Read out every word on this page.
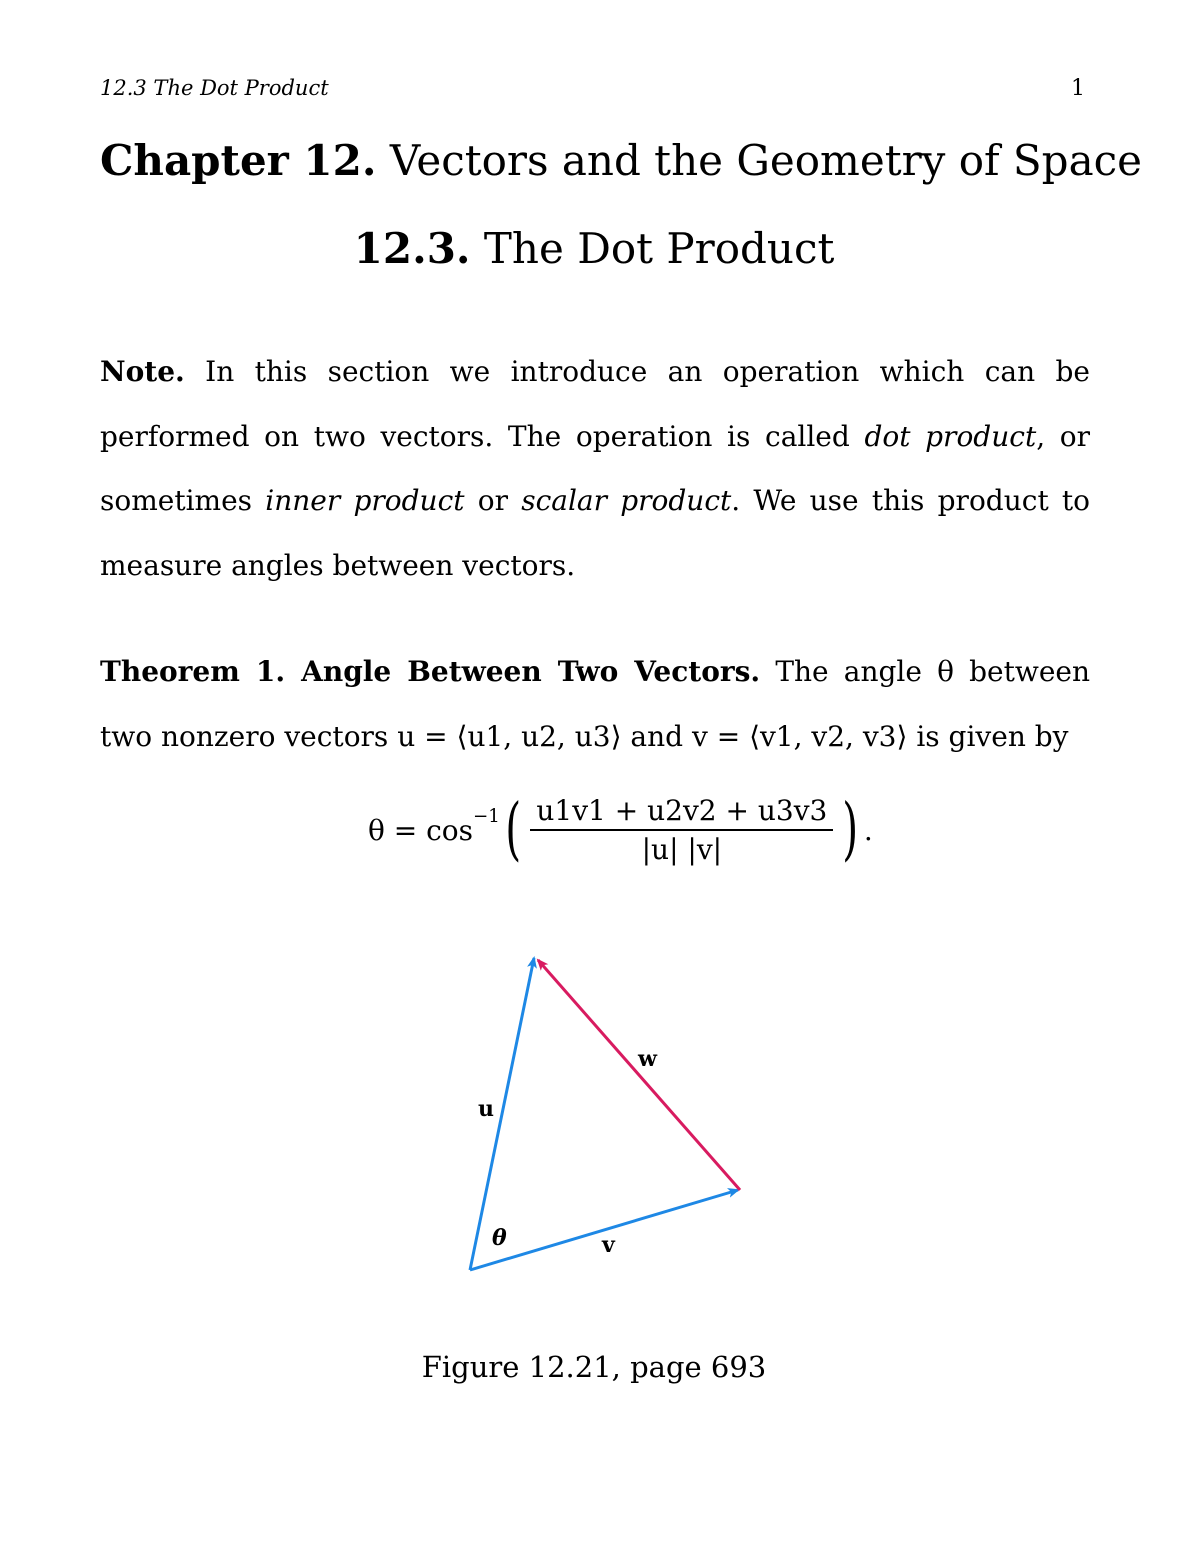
12.3 The Dot Product	1
Chapter 12. Vectors and the Geometry of Space
12.3. The Dot Product
Note. In this section we introduce an operation which can be performed on two vectors. The operation is called dot product, or sometimes inner product or scalar product. We use this product to measure angles between vectors.
Theorem 1. Angle Between Two Vectors. The angle θ between two nonzero vectors u = ⟨u1, u2, u3⟩ and v = ⟨v1, v2, v3⟩ is given by
$\theta = \cos^{-1}$ ( $\frac{u1v1 + u2v2 + u3v3}{|u| |v|}$ ) .
u
w
θ	v
Figure 12.21, page 693
